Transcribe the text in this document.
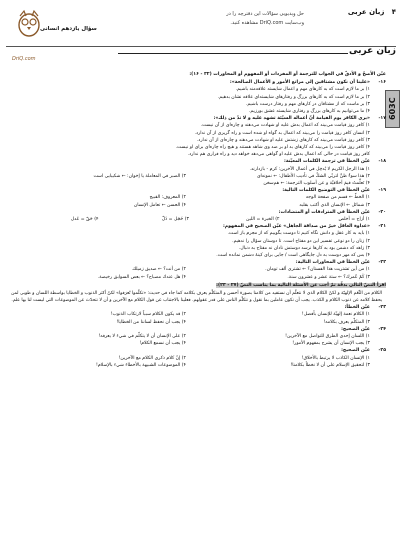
۴   زبان عربی
حل ویدیویی سؤالات این دفترچه را در
وب‌سایت DriQ.com مشاهده کنید.
سؤال یازدهم انسانی
DriQ.com
زبان عربی
603C
عيّن الأصحّ و الأدقّ في الجواب للترجمة أو المفردات أو المفهوم أو المحاورات (٣٢ - ١۶):
١۶-
«علينا أن نكون مشتاقين إلى مراتع الأمور و الأعمال الصالحة»:
١) بر ما لازم است كه به كارهای مهم و اعمال شایسته علاقه‌مند باشیم.
٢) بر ما لازم است كه به كارهای بزرگ و رفتارهای شایسته‌ای علاقه نشان بدهیم.
٣) بر ماست كه از مشتاقان در كارهای مهم و رفتار درست باشیم.
۴) ما می‌توانیم به كارهای بزرگ و رفتاری شایسته عشق بورزیم.
١٧-
«يرى الكافر يوم القيامة أنّ أعماله السيّئة تشهد عليه و لا تدّ من ذلك»:
١) كافر روز قیامت می‌بیند كه اعمال بدش علیه او شهادت می‌دهند و چاره‌ای از آن نیست.
٢) انسان كافر روز قیامت را می‌بیند كه اعمال بد گواه او شده است و راه گریزی از آن ندارد.
٣) كافر روز قیامت می‌بیند كه كارهای زشتش علیه او شهادت می‌دهند و چاره‌ای از آن ندارد.
۴) كافر روز قیامت را می‌بیند كه كارهای بد او بر ضد وی شاهد هستند و هیچ راه چاره‌ای برای او نیست.
كافر روز قیامت در حالی كه اعمال بدش علیه او گواهی می‌دهد خواهد دید و راه فراری هم ندارد.
١٨-
عيّن الخطأ في ترجمة الكلمات المعيّنة:
١) هذا الرجل الكريم لا يُدخِل في أعمال الآخرين: كرم - بازدارند.
٢) هذا سوءُ ظنِّ لتربّي الشكّ في تأديب الأطفال: ← نمونه‌اى
٣) الصبر في المعاملة یا إخوان: ← شکیبایی است
۴) تَعلَّمتُ قيمَ أخلاقيّة و عن أسلوب الترجمة: ← هم‌سخن
١٩-
عيّن الخطأ في التوضيح الكلمات التالية:
١) الخطّ ← قسم من صفحة الوجه
٢) المعروف: القبيح
٣) شمائل ← الإنسان الذي أكتب بقلبه
۴) الحسن ← تعامل الإنسان
٢٠-
عيّن الخطأ في المترادفات أو المتضادات:
١) أزاح = أخلص
٢) الخبرة = اللین
٣) خَجَل = ذَلّ
۴) حَقّ = عَدل
٢١-
«عداوة العاقل خيرٌ من صداقة الجاهل» عيّن الصحيح في المفهوم:
١) باید به کار عقل و دانش نگاه کنیم تا دوست بگوییم که از مجرم باز است.
٢) زنان را دو نوعی تفسیر این دو مفتاح است. تا دوستان سؤال را ندهیم.
٣) زاهد كه دشمن بود به كارها نرسد دوستش نادان نه مفتاح به دنبال.
۴) بس كه مهر دوست به دل جایگاهی است / جایی برای كینهٔ دشمن نمانده است.
٢٢-
عيّن الخطأ في المحاورات التالية:
١) من أين تشتريت هذا الفستان؟ ← تشتري ألف تومان.
٢) من أنت؟ ← صديق زميلك
٣) كَمْ عُمرك؟ ← ستة عشر و عشرون سنة.
۴) هل عندك مصباح؟ ← بعض السوابق رخيصة.
اقرأ النصّ التالي بدقّة ثمّ أجب عن الأسئلة التالية بما يناسب النصّ (٢٧ - ٢٣):
الكلام من النِّعَم الإلهيّة و لكنّ الكلام الذي لا نتعلّم أن نستفيد من كلامنا بصورة أحسن و المتكلّم يعرف بكلامه كما جاء في حديث: «تكلّموا تُعرَفوا» لكنّ أكثر الذنوب و الخطايا بواسطة اللسان و طوبى لمن يحفظ كلامه عن ذنوب الكلام و الكذب. يجب أن نكون عاملين بما نقول و نتكلّم الناس على قدر عقولهم. فعلينا بالاجتناب عن قول الكلام مع الآخرين و أن لا نتحدّث عن الموضوعات التي ليست لنا بها علم.
٢٣-
عيّن الخطأ:
١) الكلام نعمة إلهيّة للإنسان بأفضل!
٢) قد يكون الكلام سبباً لارتكاب الذنوب!
٣) المتكلّم يعرف بكلامه!
۴) يجب أن نحفظ لساننا من الخطايا!
٢۴-
عيّن الصحيح:
١) اللسان إحدى الطرق للتواصل مع الآخرين!
٢) على الإنسان أن لا يتكلّم في شيء لا يعرفه!
٣) يجب الإنسان أن يشرح بمفهوم الأمور!
۴) يجب أن نسمع الكلام!
٢۵-
عيّن الصحيح:
١) الإنسان الكاذب لا يرتبط بالأخلاق!
٢) إنّ كلام ذكرى الكلام مع الآخرين!
٣) لتحقيق الإسلام علي أن لا نخطأ بكلامنا!
۴) الموضوعات الشبيهة بالأخطاء شيء بالإسلام!
